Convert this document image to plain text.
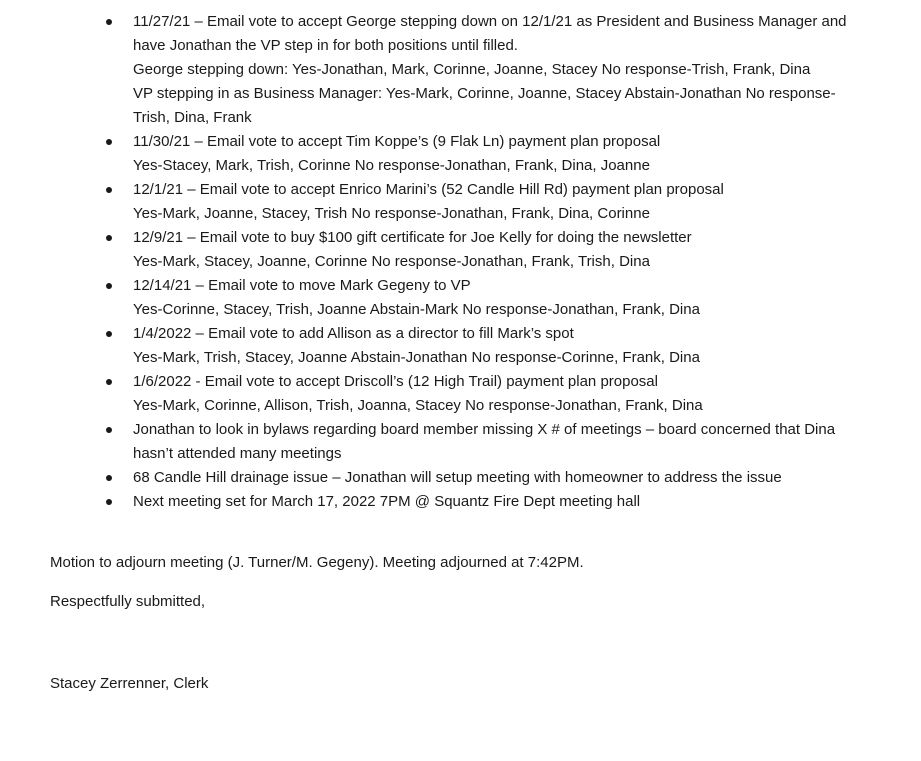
11/27/21 – Email vote to accept George stepping down on 12/1/21 as President and Business Manager and
have Jonathan the VP step in for both positions until filled.
George stepping down: Yes-Jonathan, Mark, Corinne, Joanne, Stacey No response-Trish, Frank, Dina
VP stepping in as Business Manager: Yes-Mark, Corinne, Joanne, Stacey Abstain-Jonathan No response-
Trish, Dina, Frank
11/30/21 – Email vote to accept Tim Koppe’s (9 Flak Ln) payment plan proposal
Yes-Stacey, Mark, Trish, Corinne No response-Jonathan, Frank, Dina, Joanne
12/1/21 – Email vote to accept Enrico Marini’s (52 Candle Hill Rd) payment plan proposal
Yes-Mark, Joanne, Stacey, Trish No response-Jonathan, Frank, Dina, Corinne
12/9/21 – Email vote to buy $100 gift certificate for Joe Kelly for doing the newsletter
Yes-Mark, Stacey, Joanne, Corinne No response-Jonathan, Frank, Trish, Dina
12/14/21 – Email vote to move Mark Gegeny to VP
Yes-Corinne, Stacey, Trish, Joanne Abstain-Mark No response-Jonathan, Frank, Dina
1/4/2022 – Email vote to add Allison as a director to fill Mark’s spot
Yes-Mark, Trish, Stacey, Joanne Abstain-Jonathan No response-Corinne, Frank, Dina
1/6/2022 - Email vote to accept Driscoll’s (12 High Trail) payment plan proposal
Yes-Mark, Corinne, Allison, Trish, Joanna, Stacey No response-Jonathan, Frank, Dina
Jonathan to look in bylaws regarding board member missing X # of meetings – board concerned that Dina
hasn’t attended many meetings
68 Candle Hill drainage issue – Jonathan will setup meeting with homeowner to address the issue
Next meeting set for March 17, 2022 7PM @ Squantz Fire Dept meeting hall
Motion to adjourn meeting (J. Turner/M. Gegeny). Meeting adjourned at 7:42PM.
Respectfully submitted,
Stacey Zerrenner, Clerk
